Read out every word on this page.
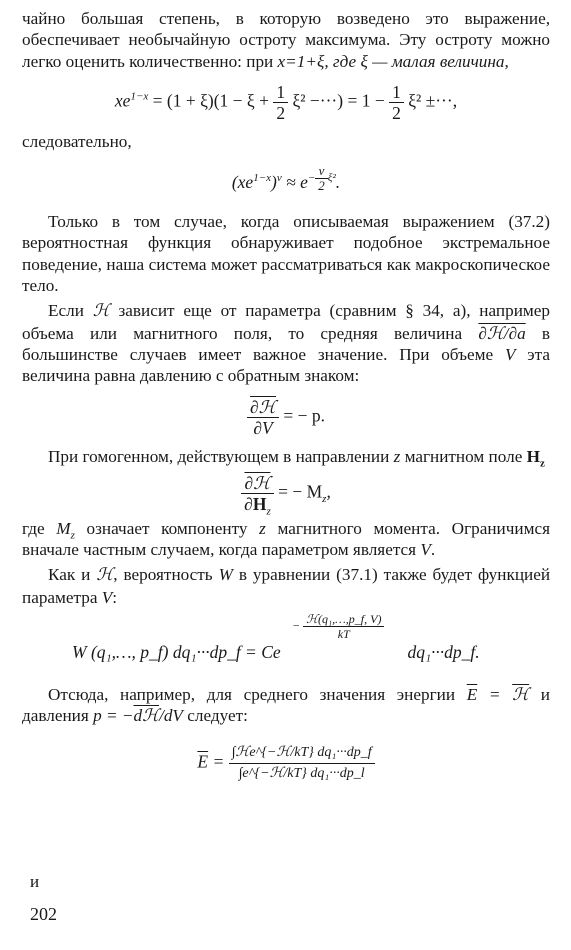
чайно большая степень, в которую возведено это выражение, обеспечивает необычайную остроту максимума. Эту остроту можно легко оценить количественно: при x=1+ξ, где ξ — малая величина,

$xe^{1-x} = (1 + \xi)(1 - \xi + \frac{1}{2} \xi^2$ −···) = $1 - \frac{1}{2} \xi^2$ ±···,

следовательно,

$(xe^{1-x})^\nu \approx e^{- \frac{\nu}{2} \xi^2}$.

Только в том случае, когда описываемая выражением (37.2) вероятностная функция обнаруживает подобное экстремальное поведение, наша система может рассматриваться как макроскопическое тело.

Если ℋ зависит еще от параметра (сравним § 34, а), например объема или магнитного поля, то средняя величина ∂ℋ/∂a в большинстве случаев имеет важное значение. При объеме V эта величина равна давлению с обратным знаком:

$\frac{\text{∂ℋ}}{\partial V}$ = − p.

При гомогенном, действующем в направлении z магнитном поле $H_z$

$\frac{\text{∂ℋ}}{\partial H_z}$ = − $M_z$,

где $M_z$ означает компоненту z магнитного момента. Ограничимся вначале частным случаем, когда параметром является V.

Как и ℋ, вероятность W в уравнении (37.1) также будет функцией параметра V:

− $\frac{\text{ℋ(q₁,…,p\_f, V)}}{kT}$
W (q₁,…, p_f) dq₁···dp_f = Ce	dq₁···dp_f.

Отсюда, например, для среднего значения энергии $\overline{E}$ = ℋ и давления p = −dℋ/dV следует:

$\overline{E} = \frac{\text{∫ℋe\textasciicircum{}\{−ℋ/kT\} dq₁···dp\_f}}{\text{∫e\textasciicircum{}\{−ℋ/kT\} dq₁···dp\_l}}$

и
202
